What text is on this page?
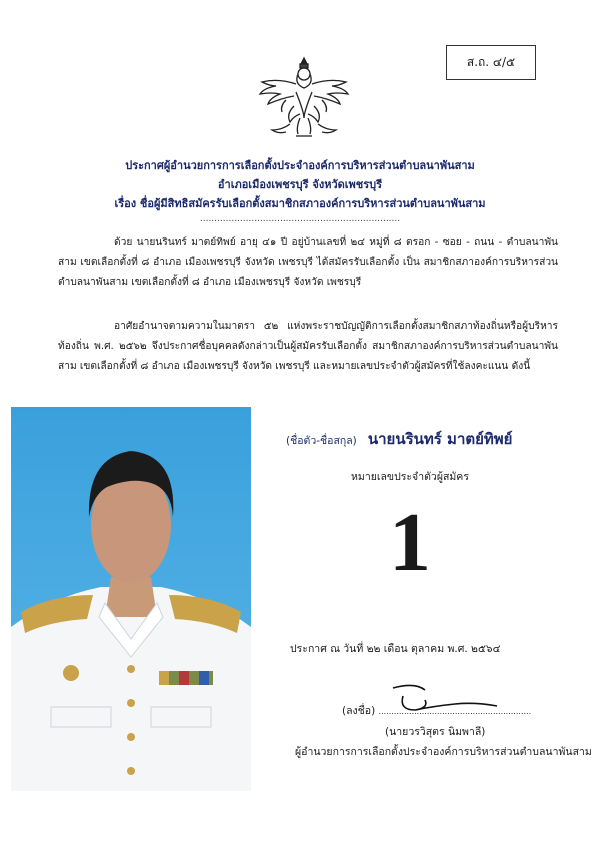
ส.ถ. ๔/๕
ประกาศผู้อำนวยการการเลือกตั้งประจำองค์การบริหารส่วนตำบลนาพันสาม
อำเภอเมืองเพชรบุรี จังหวัดเพชรบุรี
เรื่อง ชื่อผู้มีสิทธิสมัครรับเลือกตั้งสมาชิกสภาองค์การบริหารส่วนตำบลนาพันสาม
......................................................................
ด้วย นายนรินทร์ มาตย์ทิพย์ อายุ ๔๑ ปี อยู่บ้านเลขที่ ๒๔ หมู่ที่ ๘ ตรอก - ซอย - ถนน - ตำบลนาพันสาม เขตเลือกตั้งที่ ๘ อำเภอ เมืองเพชรบุรี จังหวัด เพชรบุรี ได้สมัครรับเลือกตั้ง เป็น สมาชิกสภาองค์การบริหารส่วนตำบลนาพันสาม เขตเลือกตั้งที่ ๘ อำเภอ เมืองเพชรบุรี จังหวัด เพชรบุรี
อาศัยอำนาจตามความในมาตรา ๕๒ แห่งพระราชบัญญัติการเลือกตั้งสมาชิกสภาท้องถิ่นหรือผู้บริหารท้องถิ่น พ.ศ. ๒๕๖๒ จึงประกาศชื่อบุคคลดังกล่าวเป็นผู้สมัครรับเลือกตั้ง สมาชิกสภาองค์การบริหารส่วนตำบลนาพันสาม เขตเลือกตั้งที่ ๘ อำเภอ เมืองเพชรบุรี จังหวัด เพชรบุรี และหมายเลขประจำตัวผู้สมัครที่ใช้ลงคะแนน ดังนี้
(ชื่อตัว-ชื่อสกุล) นายนรินทร์ มาตย์ทิพย์
หมายเลขประจำตัวผู้สมัคร
1
ประกาศ ณ วันที่ ๒๒ เดือน ตุลาคม พ.ศ. ๒๕๖๔
(ลงชื่อ) ............................................................
(นายวรวิสุตร นิมพาลี)
ผู้อำนวยการการเลือกตั้งประจำองค์การบริหารส่วนตำบลนาพันสาม
